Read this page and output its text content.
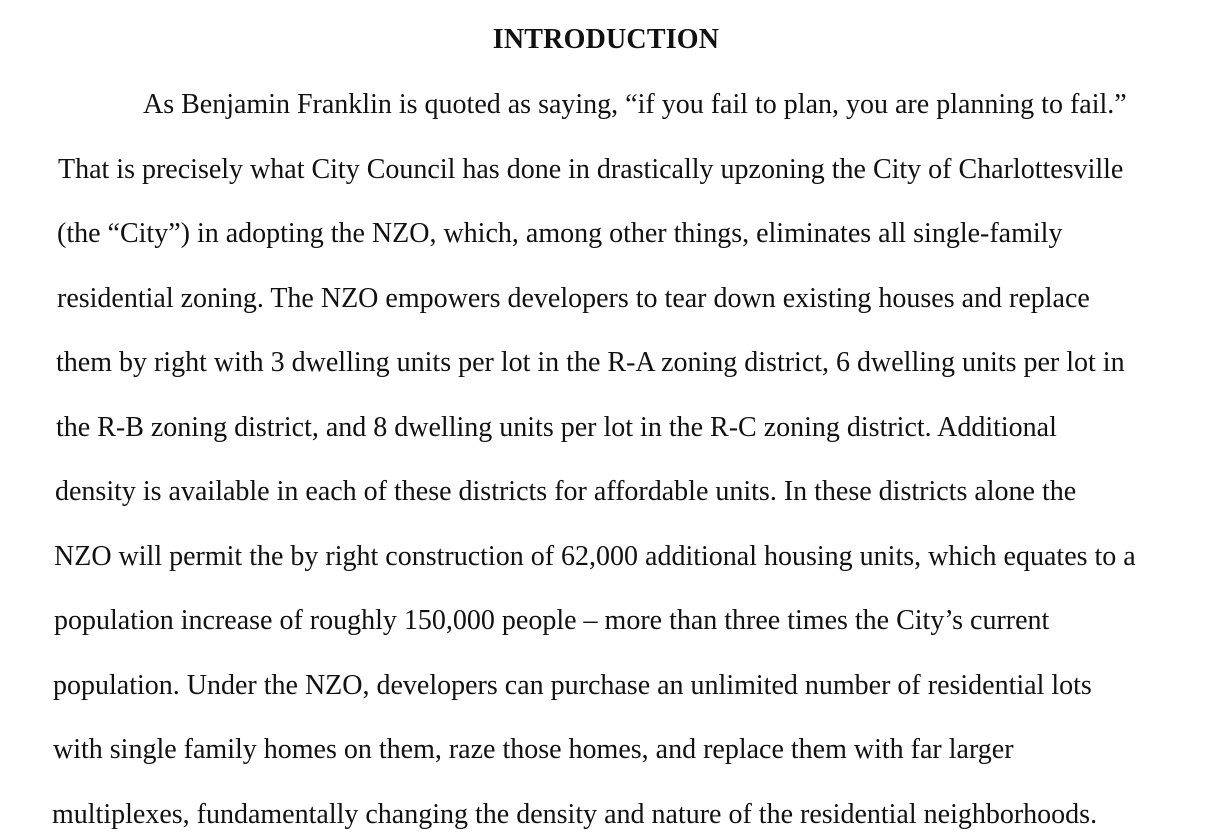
INTRODUCTION
As Benjamin Franklin is quoted as saying, “if you fail to plan, you are planning to fail.”
That is precisely what City Council has done in drastically upzoning the City of Charlottesville
(the “City”) in adopting the NZO, which, among other things, eliminates all single-family
residential zoning. The NZO empowers developers to tear down existing houses and replace
them by right with 3 dwelling units per lot in the R-A zoning district, 6 dwelling units per lot in
the R-B zoning district, and 8 dwelling units per lot in the R-C zoning district. Additional
density is available in each of these districts for affordable units. In these districts alone the
NZO will permit the by right construction of 62,000 additional housing units, which equates to a
population increase of roughly 150,000 people – more than three times the City’s current
population. Under the NZO, developers can purchase an unlimited number of residential lots
with single family homes on them, raze those homes, and replace them with far larger
multiplexes, fundamentally changing the density and nature of the residential neighborhoods.
